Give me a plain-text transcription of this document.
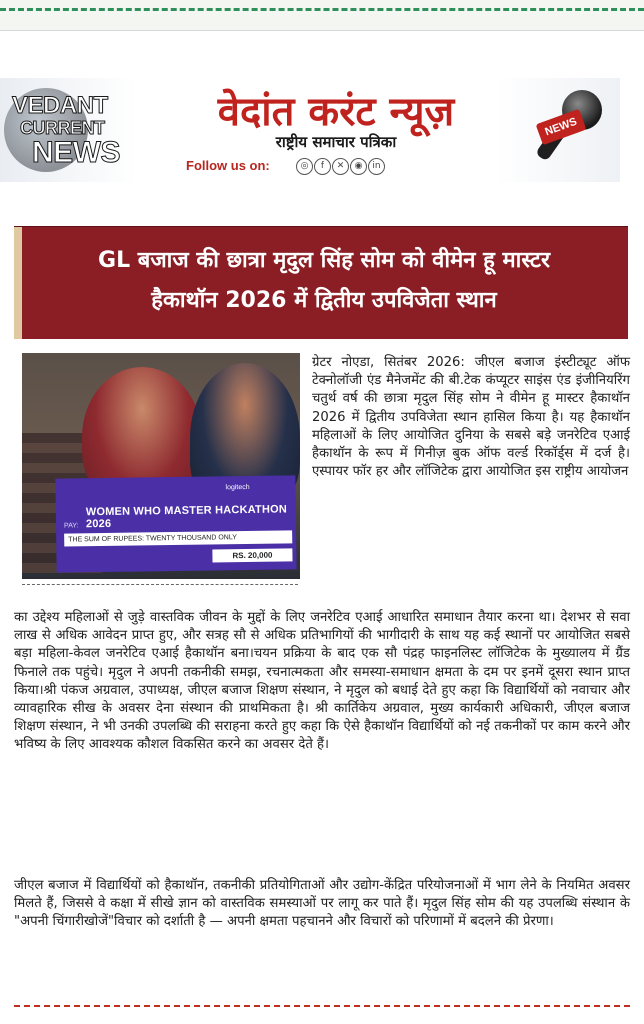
VEDANT
CURRENT
NEWS
वेदांत करंट न्यूज़
राष्ट्रीय समाचार पत्रिका
Follow us on:	◎	f	✕	◉	in
NEWS
GL बजाज की छात्रा मृदुल सिंह सोम को वीमेन हू मास्टर
हैकाथॉन 2026 में द्वितीय उपविजेता स्थान
logitech
WOMEN WHO MASTER HACKATHON 2026
PAY:
THE SUM OF RUPEES: TWENTY THOUSAND ONLY
RS. 20,000
ग्रेटर नोएडा, सितंबर 2026: जीएल बजाज इंस्टीट्यूट ऑफ टेक्नोलॉजी एंड मैनेजमेंट की बी.टेक कंप्यूटर साइंस एंड इंजीनियरिंग चतुर्थ वर्ष की छात्रा मृदुल सिंह सोम ने वीमेन हू मास्टर हैकाथॉन 2026 में द्वितीय उपविजेता स्थान हासिल किया है। यह हैकाथॉन महिलाओं के लिए आयोजित दुनिया के सबसे बड़े जनरेटिव एआई हैकाथॉन के रूप में गिनीज़ बुक ऑफ वर्ल्ड रिकॉर्ड्स में दर्ज है।एस्पायर फॉर हर और लॉजिटेक द्वारा आयोजित इस राष्ट्रीय आयोजन
का उद्देश्य महिलाओं से जुड़े वास्तविक जीवन के मुद्दों के लिए जनरेटिव एआई आधारित समाधान तैयार करना था। देशभर से सवा लाख से अधिक आवेदन प्राप्त हुए, और सत्रह सौ से अधिक प्रतिभागियों की भागीदारी के साथ यह कई स्थानों पर आयोजित सबसे बड़ा महिला-केवल जनरेटिव एआई हैकाथॉन बना।चयन प्रक्रिया के बाद एक सौ पंद्रह फाइनलिस्ट लॉजिटेक के मुख्यालय में ग्रैंड फिनाले तक पहुंचे। मृदुल ने अपनी तकनीकी समझ, रचनात्मकता और समस्या-समाधान क्षमता के दम पर इनमें दूसरा स्थान प्राप्त किया।श्री पंकज अग्रवाल, उपाध्यक्ष, जीएल बजाज शिक्षण संस्थान, ने मृदुल को बधाई देते हुए कहा कि विद्यार्थियों को नवाचार और व्यावहारिक सीख के अवसर देना संस्थान की प्राथमिकता है। श्री कार्तिकेय अग्रवाल, मुख्य कार्यकारी अधिकारी, जीएल बजाज शिक्षण संस्थान, ने भी उनकी उपलब्धि की सराहना करते हुए कहा कि ऐसे हैकाथॉन विद्यार्थियों को नई तकनीकों पर काम करने और भविष्य के लिए आवश्यक कौशल विकसित करने का अवसर देते हैं।
जीएल बजाज में विद्यार्थियों को हैकाथॉन, तकनीकी प्रतियोगिताओं और उद्योग-केंद्रित परियोजनाओं में भाग लेने के नियमित अवसर मिलते हैं, जिससे वे कक्षा में सीखे ज्ञान को वास्तविक समस्याओं पर लागू कर पाते हैं। मृदुल सिंह सोम की यह उपलब्धि संस्थान के "अपनी चिंगारीखोजें"विचार को दर्शाती है — अपनी क्षमता पहचानने और विचारों को परिणामों में बदलने की प्रेरणा।
